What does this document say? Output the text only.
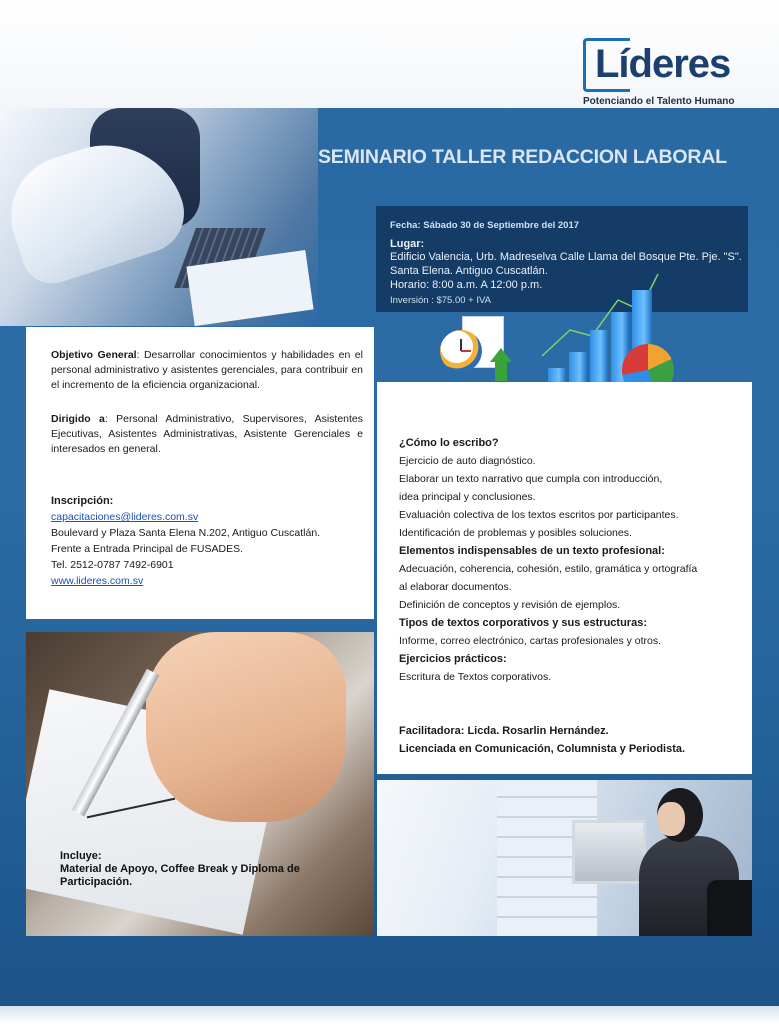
Líderes
Potenciando el Talento Humano
SEMINARIO TALLER REDACCION LABORAL
Fecha: Sábado 30 de Septiembre del 2017
Lugar:
Edificio Valencia, Urb. Madreselva Calle Llama del Bosque Pte. Pje. "S".
Santa Elena. Antiguo Cuscatlán.
Horario: 8:00 a.m. A 12:00 p.m.
Inversión : $75.00 + IVA
Objetivo General: Desarrollar conocimientos y habilidades en el personal administrativo y asistentes gerenciales, para contribuir en el incremento de la eficiencia organizacional.
Dirigido a: Personal Administrativo, Supervisores, Asistentes Ejecutivas, Asistentes Administrativas, Asistente Gerenciales e interesados en general.
Inscripción:
capacitaciones@lideres.com.sv
Boulevard y Plaza Santa Elena N.202, Antiguo Cuscatlán.
Frente a Entrada Principal de FUSADES.
Tel. 2512-0787 7492-6901
www.lideres.com.sv
Incluye:
Material de Apoyo, Coffee Break y Diploma de Participación.
¿Cómo lo escribo?
Ejercicio de auto diagnóstico.
Elaborar un texto narrativo que cumpla con introducción,
idea principal y conclusiones.
Evaluación colectiva de los textos escritos por participantes.
Identificación de problemas y posibles soluciones.
Elementos indispensables de un texto profesional:
Adecuación, coherencia, cohesión, estilo, gramática y ortografía
al elaborar documentos.
Definición de conceptos y revisión de ejemplos.
Tipos de textos corporativos y sus estructuras:
Informe, correo electrónico, cartas profesionales y otros.
Ejercicios prácticos:
Escritura de Textos corporativos.
Facilitadora: Licda. Rosarlin Hernández.
Licenciada en Comunicación, Columnista y Periodista.
